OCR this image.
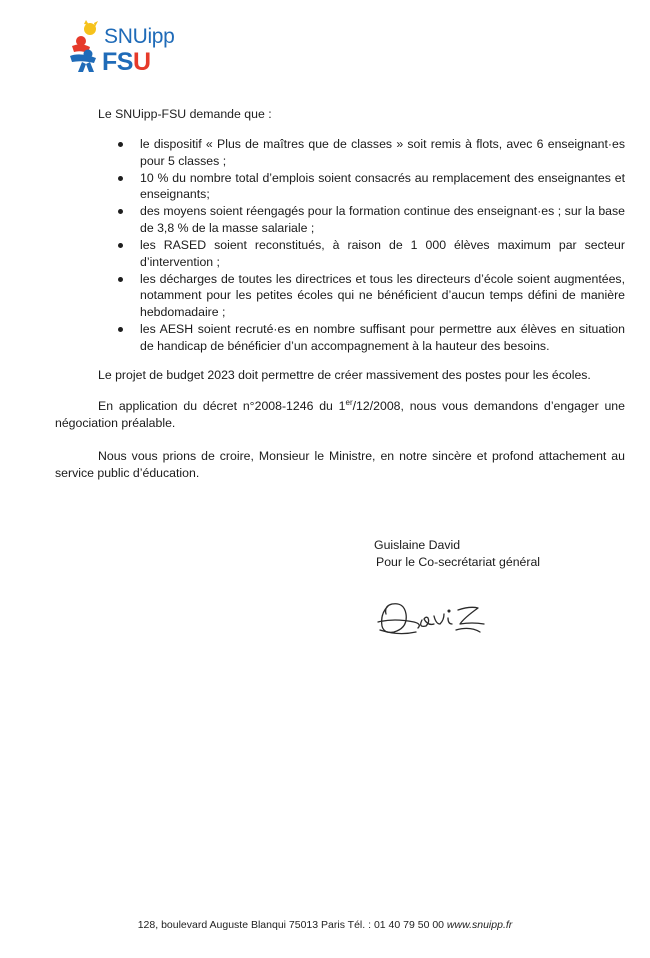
SNUipp
FSU
Le SNUipp-FSU demande que :
le dispositif « Plus de maîtres que de classes » soit remis à flots, avec 6 enseignant·es pour 5 classes ;
10 % du nombre total d’emplois soient consacrés au remplacement des enseignantes et enseignants;
des moyens soient réengagés pour la formation continue des enseignant·es ; sur la base de 3,8 % de la masse salariale ;
les RASED soient reconstitués, à raison de 1 000 élèves maximum par secteur d’intervention ;
les décharges de toutes les directrices et tous les directeurs d’école soient augmentées, notamment pour les petites écoles qui ne bénéficient d’aucun temps défini de manière hebdomadaire ;
les AESH soient recruté·es en nombre suffisant pour permettre aux élèves en situation de handicap de bénéficier d’un accompagnement à la hauteur des besoins.
Le projet de budget 2023 doit permettre de créer massivement des postes pour les écoles.
En application du décret n°2008-1246 du 1er/12/2008, nous vous demandons d’engager une négociation préalable.
Nous vous prions de croire, Monsieur le Ministre, en notre sincère et profond attachement au service public d’éducation.
Guislaine David
Pour le Co-secrétariat général
128, boulevard Auguste Blanqui 75013 Paris Tél. : 01 40 79 50 00 www.snuipp.fr
